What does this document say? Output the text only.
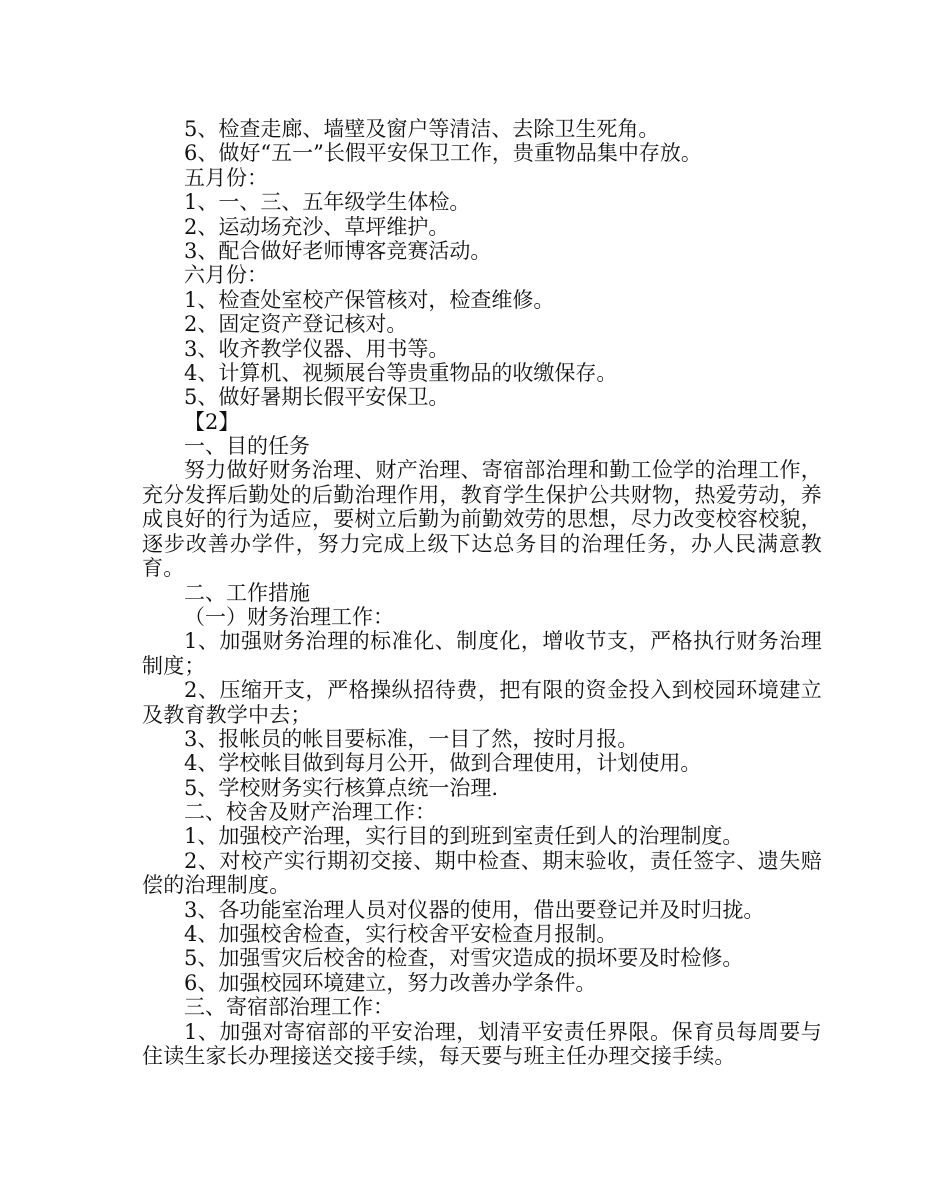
5、检查走廊、墙壁及窗户等清洁、去除卫生死角。
6、做好“五一”长假平安保卫工作，贵重物品集中存放。
五月份：
1、一、三、五年级学生体检。
2、运动场充沙、草坪维护。
3、配合做好老师博客竞赛活动。
六月份：
1、检查处室校产保管核对，检查维修。
2、固定资产登记核对。
3、收齐教学仪器、用书等。
4、计算机、视频展台等贵重物品的收缴保存。
5、做好暑期长假平安保卫。
【2】
一、目的任务
努力做好财务治理、财产治理、寄宿部治理和勤工俭学的治理工作，充分发挥后勤处的后勤治理作用，教育学生保护公共财物，热爱劳动，养成良好的行为适应，要树立后勤为前勤效劳的思想，尽力改变校容校貌，逐步改善办学件，努力完成上级下达总务目的治理任务，办人民满意教育。
二、工作措施
（一）财务治理工作：
1、加强财务治理的标准化、制度化，增收节支，严格执行财务治理制度；
2、压缩开支，严格操纵招待费，把有限的资金投入到校园环境建立及教育教学中去；
3、报帐员的帐目要标准，一目了然，按时月报。
4、学校帐目做到每月公开，做到合理使用，计划使用。
5、学校财务实行核算点统一治理.
二、校舍及财产治理工作：
1、加强校产治理，实行目的到班到室责任到人的治理制度。
2、对校产实行期初交接、期中检查、期末验收，责任签字、遗失赔偿的治理制度。
3、各功能室治理人员对仪器的使用，借出要登记并及时归拢。
4、加强校舍检查，实行校舍平安检查月报制。
5、加强雪灾后校舍的检查，对雪灾造成的损坏要及时检修。
6、加强校园环境建立，努力改善办学条件。
三、寄宿部治理工作：
1、加强对寄宿部的平安治理，划清平安责任界限。保育员每周要与住读生家长办理接送交接手续，每天要与班主任办理交接手续。
